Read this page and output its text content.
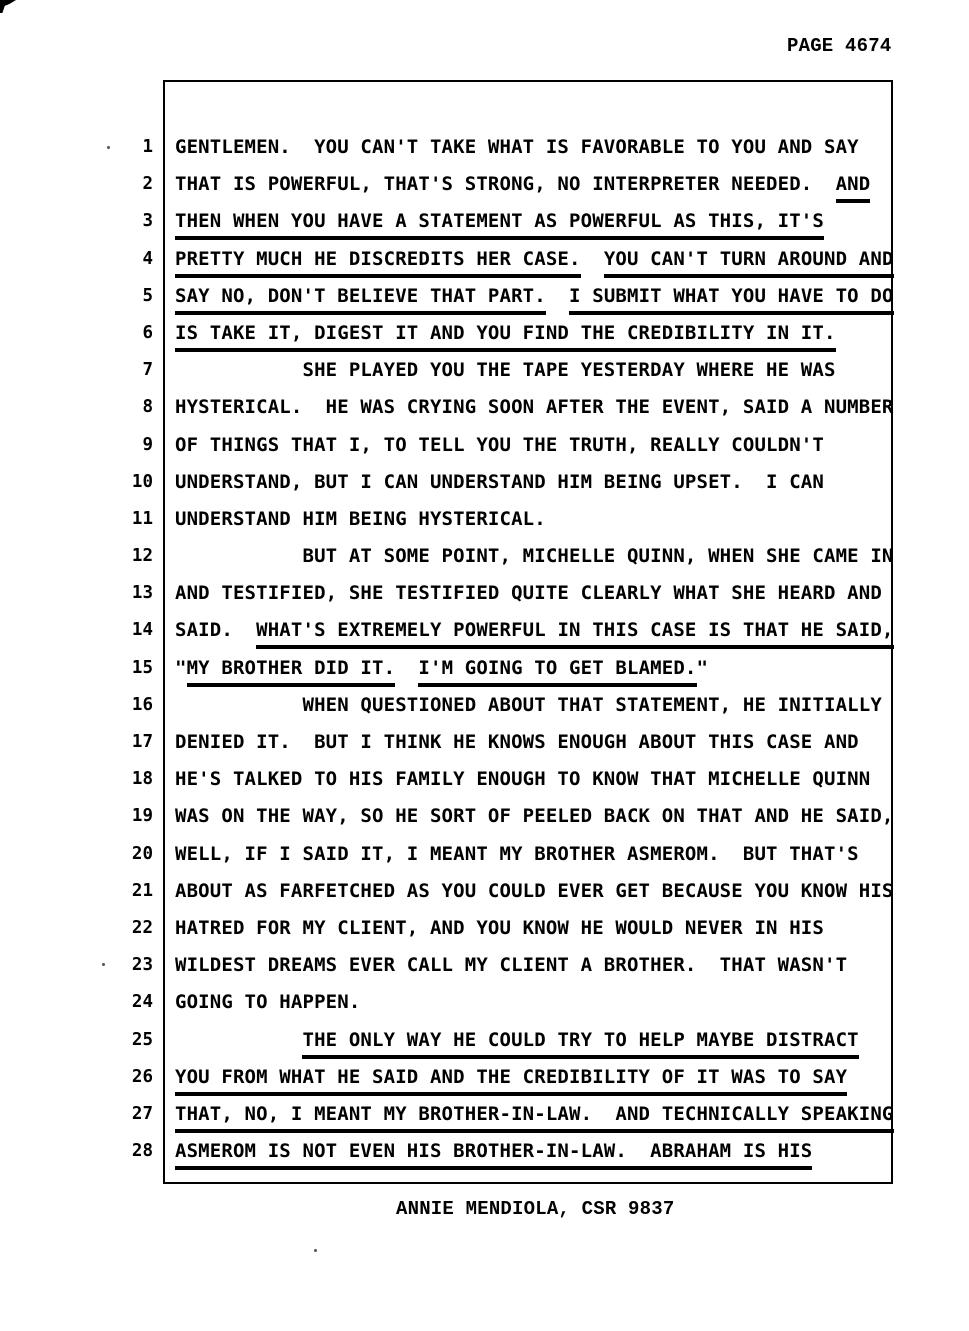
PAGE 4674
1
2
3
4
5
6
7
8
9
10
11
12
13
14
15
16
17
18
19
20
21
22
23
24
25
26
27
28
GENTLEMEN.  YOU CAN'T TAKE WHAT IS FAVORABLE TO YOU AND SAY
THAT IS POWERFUL, THAT'S STRONG, NO INTERPRETER NEEDED.  AND
THEN WHEN YOU HAVE A STATEMENT AS POWERFUL AS THIS, IT'S
PRETTY MUCH HE DISCREDITS HER CASE. YOU CAN'T TURN AROUND AND
SAY NO, DON'T BELIEVE THAT PART. I SUBMIT WHAT YOU HAVE TO DO
IS TAKE IT, DIGEST IT AND YOU FIND THE CREDIBILITY IN IT.
SHE PLAYED YOU THE TAPE YESTERDAY WHERE HE WAS
HYSTERICAL.  HE WAS CRYING SOON AFTER THE EVENT, SAID A NUMBER
OF THINGS THAT I, TO TELL YOU THE TRUTH, REALLY COULDN'T
UNDERSTAND, BUT I CAN UNDERSTAND HIM BEING UPSET.  I CAN
UNDERSTAND HIM BEING HYSTERICAL.
BUT AT SOME POINT, MICHELLE QUINN, WHEN SHE CAME IN
AND TESTIFIED, SHE TESTIFIED QUITE CLEARLY WHAT SHE HEARD AND
SAID.  WHAT'S EXTREMELY POWERFUL IN THIS CASE IS THAT HE SAID,
"MY BROTHER DID IT. I'M GOING TO GET BLAMED."
WHEN QUESTIONED ABOUT THAT STATEMENT, HE INITIALLY
DENIED IT.  BUT I THINK HE KNOWS ENOUGH ABOUT THIS CASE AND
HE'S TALKED TO HIS FAMILY ENOUGH TO KNOW THAT MICHELLE QUINN
WAS ON THE WAY, SO HE SORT OF PEELED BACK ON THAT AND HE SAID,
WELL, IF I SAID IT, I MEANT MY BROTHER ASMEROM.  BUT THAT'S
ABOUT AS FARFETCHED AS YOU COULD EVER GET BECAUSE YOU KNOW HIS
HATRED FOR MY CLIENT, AND YOU KNOW HE WOULD NEVER IN HIS
WILDEST DREAMS EVER CALL MY CLIENT A BROTHER.  THAT WASN'T
GOING TO HAPPEN.
THE ONLY WAY HE COULD TRY TO HELP MAYBE DISTRACT
YOU FROM WHAT HE SAID AND THE CREDIBILITY OF IT WAS TO SAY
THAT, NO, I MEANT MY BROTHER-IN-LAW.  AND TECHNICALLY SPEAKING
ASMEROM IS NOT EVEN HIS BROTHER-IN-LAW.  ABRAHAM IS HIS
ANNIE MENDIOLA, CSR 9837
